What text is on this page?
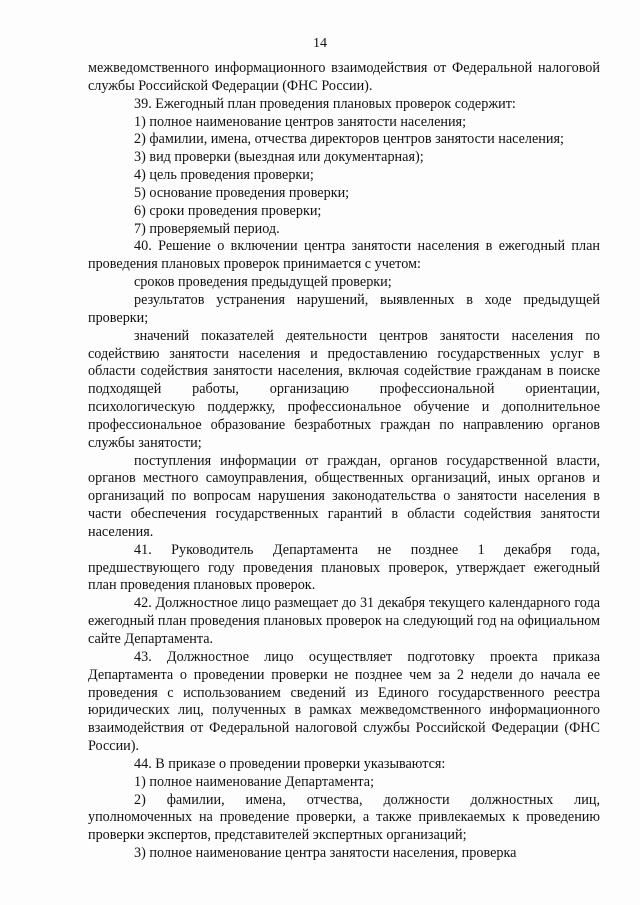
14

межведомственного информационного взаимодействия от Федеральной налоговой службы Российской Федерации (ФНС России).

39. Ежегодный план проведения плановых проверок содержит:

1) полное наименование центров занятости населения;

2) фамилии, имена, отчества директоров центров занятости населения;

3) вид проверки (выездная или документарная);

4) цель проведения проверки;

5) основание проведения проверки;

6) сроки проведения проверки;

7) проверяемый период.

40. Решение о включении центра занятости населения в ежегодный план проведения плановых проверок принимается с учетом:

сроков проведения предыдущей проверки;

результатов устранения нарушений, выявленных в ходе предыдущей проверки;

значений показателей деятельности центров занятости населения по содействию занятости населения и предоставлению государственных услуг в области содействия занятости населения, включая содействие гражданам в поиске подходящей работы, организацию профессиональной ориентации, психологическую поддержку, профессиональное обучение и дополнительное профессиональное образование безработных граждан по направлению органов службы занятости;

поступления информации от граждан, органов государственной власти, органов местного самоуправления, общественных организаций, иных органов и организаций по вопросам нарушения законодательства о занятости населения в части обеспечения государственных гарантий в области содействия занятости населения.

41. Руководитель Департамента не позднее 1 декабря года, предшествующего году проведения плановых проверок, утверждает ежегодный план проведения плановых проверок.

42. Должностное лицо размещает до 31 декабря текущего календарного года ежегодный план проведения плановых проверок на следующий год на официальном сайте Департамента.

43. Должностное лицо осуществляет подготовку проекта приказа Департамента о проведении проверки не позднее чем за 2 недели до начала ее проведения с использованием сведений из Единого государственного реестра юридических лиц, полученных в рамках межведомственного информационного взаимодействия от Федеральной налоговой службы Российской Федерации (ФНС России).

44. В приказе о проведении проверки указываются:

1) полное наименование Департамента;

2) фамилии, имена, отчества, должности должностных лиц, уполномоченных на проведение проверки, а также привлекаемых к проведению проверки экспертов, представителей экспертных организаций;

3) полное наименование центра занятости населения, проверка
